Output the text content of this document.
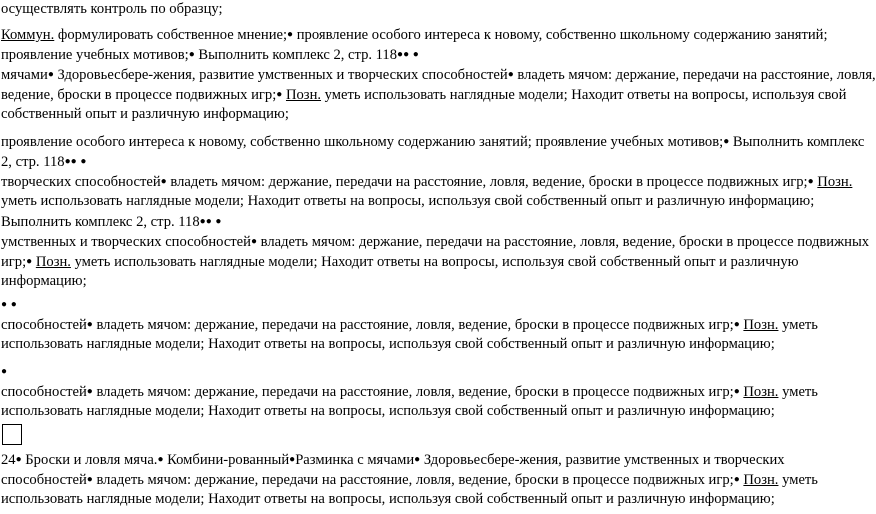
осуществлять контроль по образцу;

Коммун. формулировать собственное мнение;● проявление особого интереса к новому, собственно школьному содержанию занятий;
проявление учебных мотивов;● Выполнить комплекс 2, стр. 118●● ●
мячами● Здоровьесбере-жения, развитие умственных и творческих способностей● владеть мячом: держание, передачи на расстояние, ловля,
ведение, броски в процессе подвижных игр;● Позн. уметь использовать наглядные модели; Находит ответы на вопросы, используя свой
собственный опыт и различную информацию;

проявление особого интереса к новому, собственно школьному содержанию занятий; проявление учебных мотивов;● Выполнить комплекс
2, стр. 118●● ●
творческих способностей● владеть мячом: держание, передачи на расстояние, ловля, ведение, броски в процессе подвижных игр;● Позн.
уметь использовать наглядные модели; Находит ответы на вопросы, используя свой собственный опыт и различную информацию;

Выполнить комплекс 2, стр. 118●● ●
умственных и творческих способностей● владеть мячом: держание, передачи на расстояние, ловля, ведение, броски в процессе подвижных
игр;● Позн. уметь использовать наглядные модели; Находит ответы на вопросы, используя свой собственный опыт и различную
информацию;

● ●
способностей● владеть мячом: держание, передачи на расстояние, ловля, ведение, броски в процессе подвижных игр;● Позн. уметь
использовать наглядные модели; Находит ответы на вопросы, используя свой собственный опыт и различную информацию;

●
способностей● владеть мячом: держание, передачи на расстояние, ловля, ведение, броски в процессе подвижных игр;● Позн. уметь
использовать наглядные модели; Находит ответы на вопросы, используя свой собственный опыт и различную информацию;

24● Броски и ловля мяча.● Комбини-рованный●Разминка с мячами● Здоровьесбере-жения, развитие умственных и творческих
способностей● владеть мячом: держание, передачи на расстояние, ловля, ведение, броски в процессе подвижных игр;● Позн. уметь
использовать наглядные модели; Находит ответы на вопросы, используя свой собственный опыт и различную информацию;
